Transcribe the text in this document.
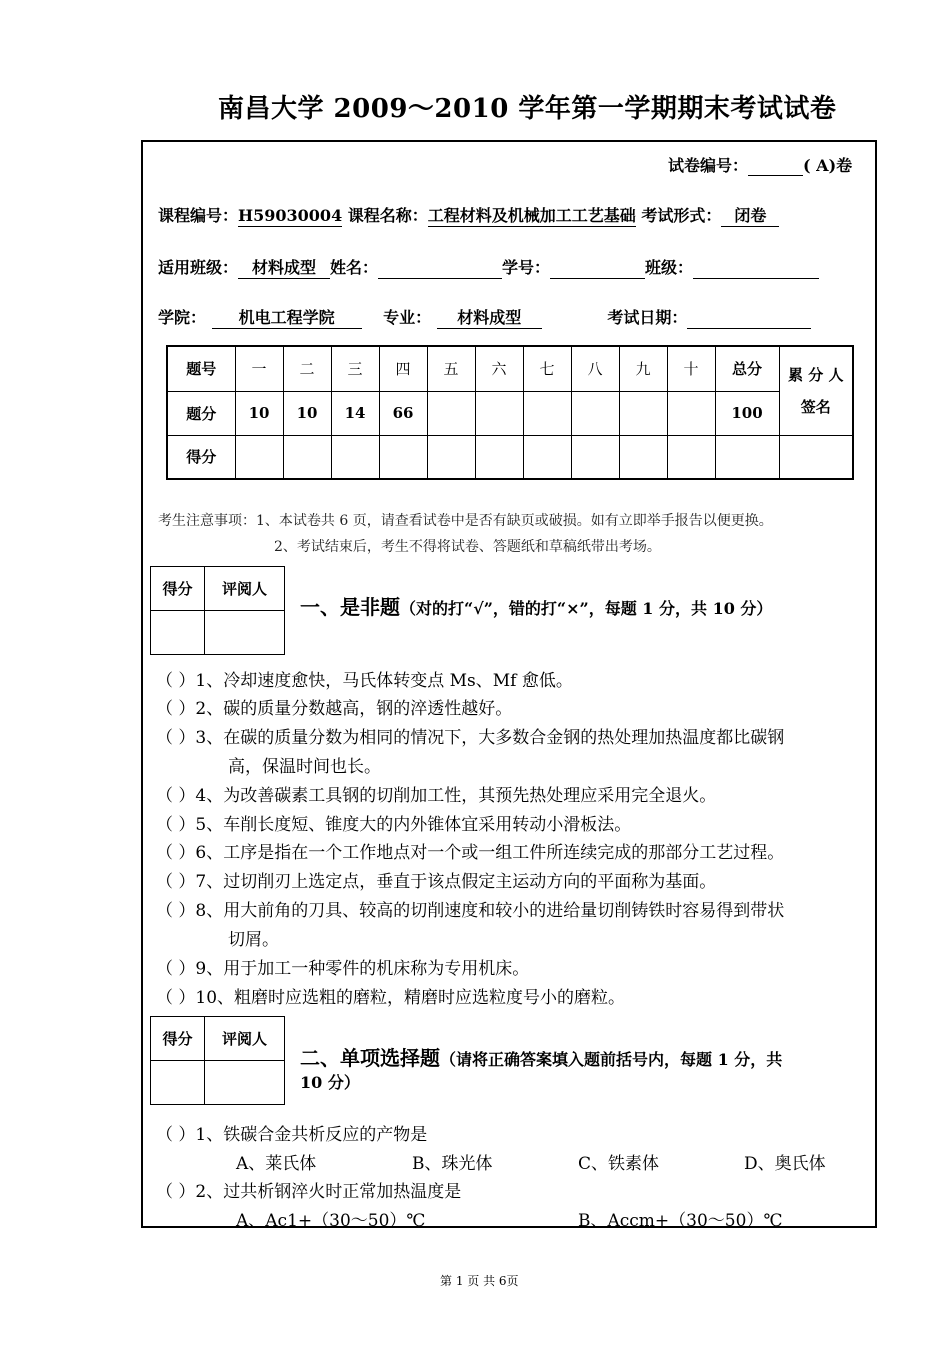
南昌大学 2009～2010 学年第一学期期末考试试卷
试卷编号：	( A)卷
课程编号：H59030004 课程名称：工程材料及机械加工工艺基础 考试形式： 闭卷
适用班级： 材料成型 姓名：	学号：	班级：
学院： 机电工程学院	专业： 材料成型	考试日期：
题号	一	二	三	四	五	六	七	八	九	十	总分	累 分 人
签名

题分	10	10	14	66							100	
得分												
考生注意事项：1、本试卷共 6 页，请查看试卷中是否有缺页或破损。如有立即举手报告以便更换。
2、考试结束后，考生不得将试卷、答题纸和草稿纸带出考场。
得分	评阅人

一、是非题（对的打“√”，错的打“×”，每题 1 分，共 10 分）
（ ）1、冷却速度愈快，马氏体转变点 Ms、Mf 愈低。
（ ）2、碳的质量分数越高，钢的淬透性越好。
（ ）3、在碳的质量分数为相同的情况下，大多数合金钢的热处理加热温度都比碳钢
高，保温时间也长。
（ ）4、为改善碳素工具钢的切削加工性，其预先热处理应采用完全退火。
（ ）5、车削长度短、锥度大的内外锥体宜采用转动小滑板法。
（ ）6、工序是指在一个工作地点对一个或一组工件所连续完成的那部分工艺过程。
（ ）7、过切削刃上选定点，垂直于该点假定主运动方向的平面称为基面。
（ ）8、用大前角的刀具、较高的切削速度和较小的进给量切削铸铁时容易得到带状
切屑。
（ ）9、用于加工一种零件的机床称为专用机床。
（ ）10、粗磨时应选粗的磨粒，精磨时应选粒度号小的磨粒。
得分	评阅人

二、单项选择题（请将正确答案填入题前括号内，每题 1 分，共
10 分）
（ ）1、铁碳合金共析反应的产物是
A、莱氏体	B、珠光体	C、铁素体	D、奥氏体
（ ）2、过共析钢淬火时正常加热温度是
A、Ac1+（30～50）℃	B、Accm+（30～50）℃
第 1 页 共 6页
